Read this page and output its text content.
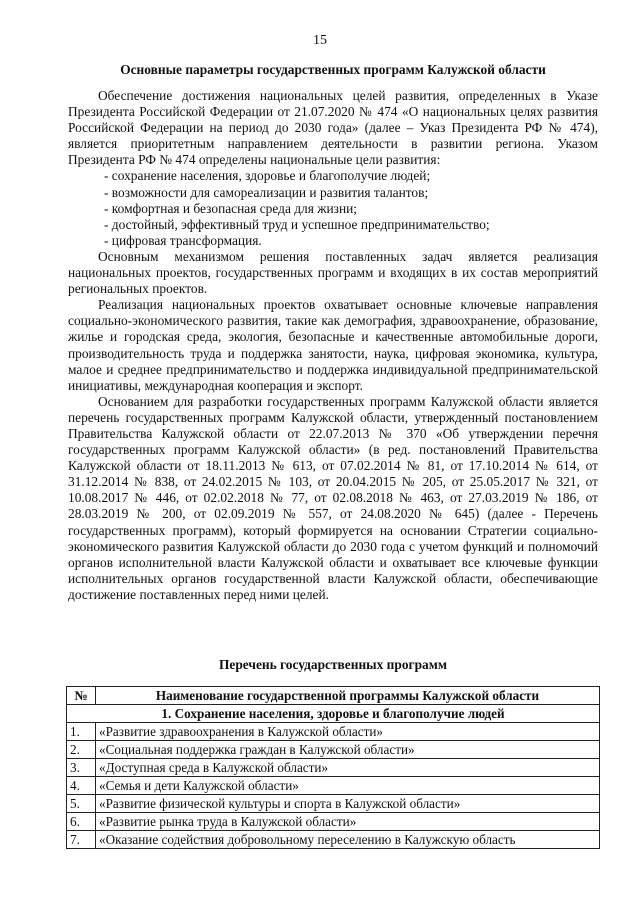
15
Основные параметры государственных программ Калужской области

Обеспечение достижения национальных целей развития, определенных в Указе Президента Российской Федерации от 21.07.2020 № 474 «О национальных целях развития Российской Федерации на период до 2030 года» (далее – Указ Президента РФ № 474), является приоритетным направлением деятельности в развитии региона. Указом Президента РФ № 474 определены национальные цели развития:

- сохранение населения, здоровье и благополучие людей;
- возможности для самореализации и развития талантов;
- комфортная и безопасная среда для жизни;
- достойный, эффективный труд и успешное предпринимательство;
- цифровая трансформация.

Основным механизмом решения поставленных задач является реализация национальных проектов, государственных программ и входящих в их состав мероприятий региональных проектов.

Реализация национальных проектов охватывает основные ключевые направления социально-экономического развития, такие как демография, здравоохранение, образование, жилье и городская среда, экология, безопасные и качественные автомобильные дороги, производительность труда и поддержка занятости, наука, цифровая экономика, культура, малое и среднее предпринимательство и поддержка индивидуальной предпринимательской инициативы, международная кооперация и экспорт.

Основанием для разработки государственных программ Калужской области является перечень государственных программ Калужской области, утвержденный постановлением Правительства Калужской области от 22.07.2013 № 370 «Об утверждении перечня государственных программ Калужской области» (в ред. постановлений Правительства Калужской области от 18.11.2013 № 613, от 07.02.2014 № 81, от 17.10.2014 № 614, от 31.12.2014 № 838, от 24.02.2015 № 103, от 20.04.2015 № 205, от 25.05.2017 № 321, от 10.08.2017 № 446, от 02.02.2018 № 77, от 02.08.2018 № 463, от 27.03.2019 № 186, от 28.03.2019 № 200, от 02.09.2019 № 557, от 24.08.2020 № 645) (далее - Перечень государственных программ), который формируется на основании Стратегии социально-экономического развития Калужской области до 2030 года с учетом функций и полномочий органов исполнительной власти Калужской области и охватывает все ключевые функции исполнительных органов государственной власти Калужской области, обеспечивающие достижение поставленных перед ними целей.

Перечень государственных программ
№	Наименование государственной программы Калужской области
1. Сохранение населения, здоровье и благополучие людей	
1.	«Развитие здравоохранения в Калужской области»
2.	«Социальная поддержка граждан в Калужской области»
3.	«Доступная среда в Калужской области»
4.	«Семья и дети Калужской области»
5.	«Развитие физической культуры и спорта в Калужской области»
6.	«Развитие рынка труда в Калужской области»
7.	«Оказание содействия добровольному переселению в Калужскую область
